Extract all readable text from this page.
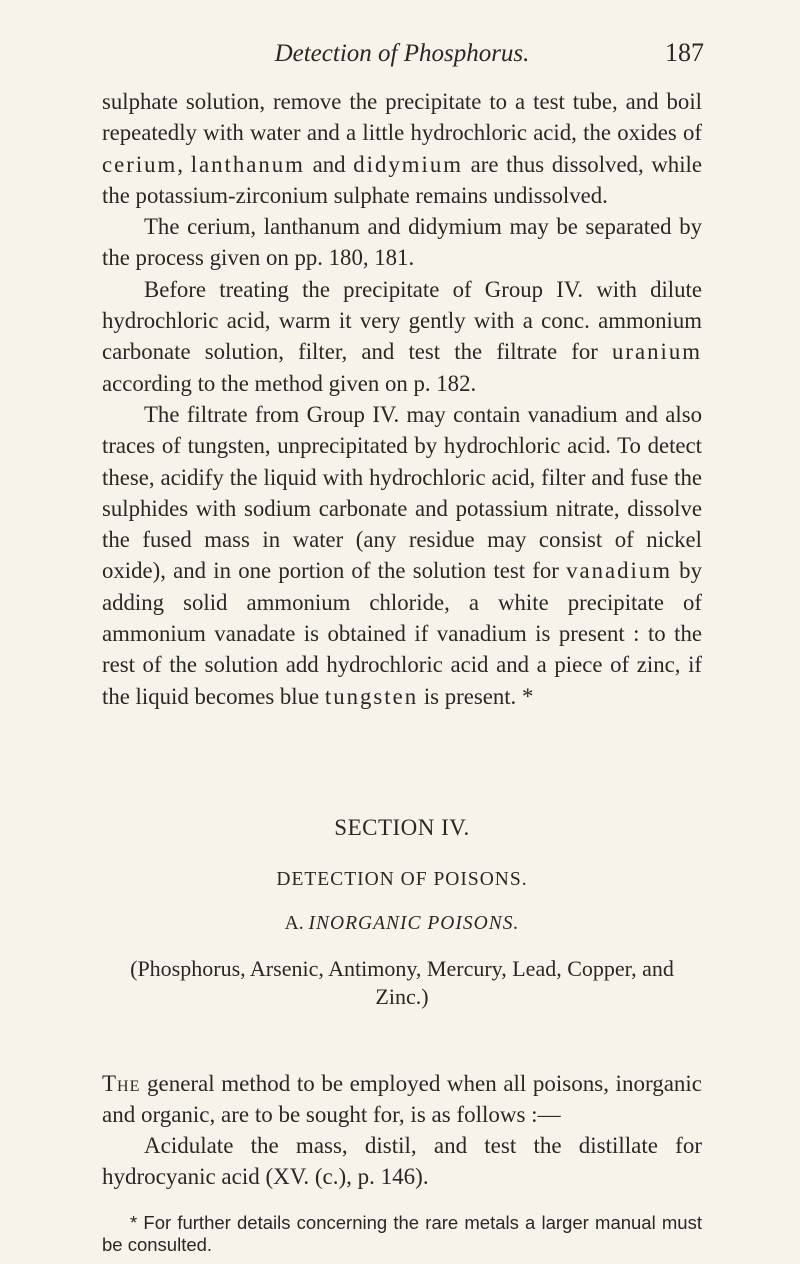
Detection of Phosphorus.	187

sulphate solution, remove the precipitate to a test tube, and boil repeatedly with water and a little hydrochloric acid, the oxides of cerium, lanthanum and didymium are thus dissolved, while the potassium-zirconium sulphate remains undissolved.

The cerium, lanthanum and didymium may be separated by the process given on pp. 180, 181.

Before treating the precipitate of Group IV. with dilute hydrochloric acid, warm it very gently with a conc. ammonium carbonate solution, filter, and test the filtrate for uranium according to the method given on p. 182.

The filtrate from Group IV. may contain vanadium and also traces of tungsten, unprecipitated by hydrochloric acid. To detect these, acidify the liquid with hydrochloric acid, filter and fuse the sulphides with sodium carbonate and potassium nitrate, dissolve the fused mass in water (any residue may consist of nickel oxide), and in one portion of the solution test for vanadium by adding solid ammonium chloride, a white precipitate of ammonium vanadate is obtained if vanadium is present : to the rest of the solution add hydrochloric acid and a piece of zinc, if the liquid becomes blue tungsten is present. *

SECTION IV.

DETECTION OF POISONS.

A. INORGANIC POISONS.

(Phosphorus, Arsenic, Antimony, Mercury, Lead, Copper, and Zinc.)

The general method to be employed when all poisons, inorganic and organic, are to be sought for, is as follows :—

Acidulate the mass, distil, and test the distillate for hydrocyanic acid (XV. (c.), p. 146).

* For further details concerning the rare metals a larger manual must be consulted.
